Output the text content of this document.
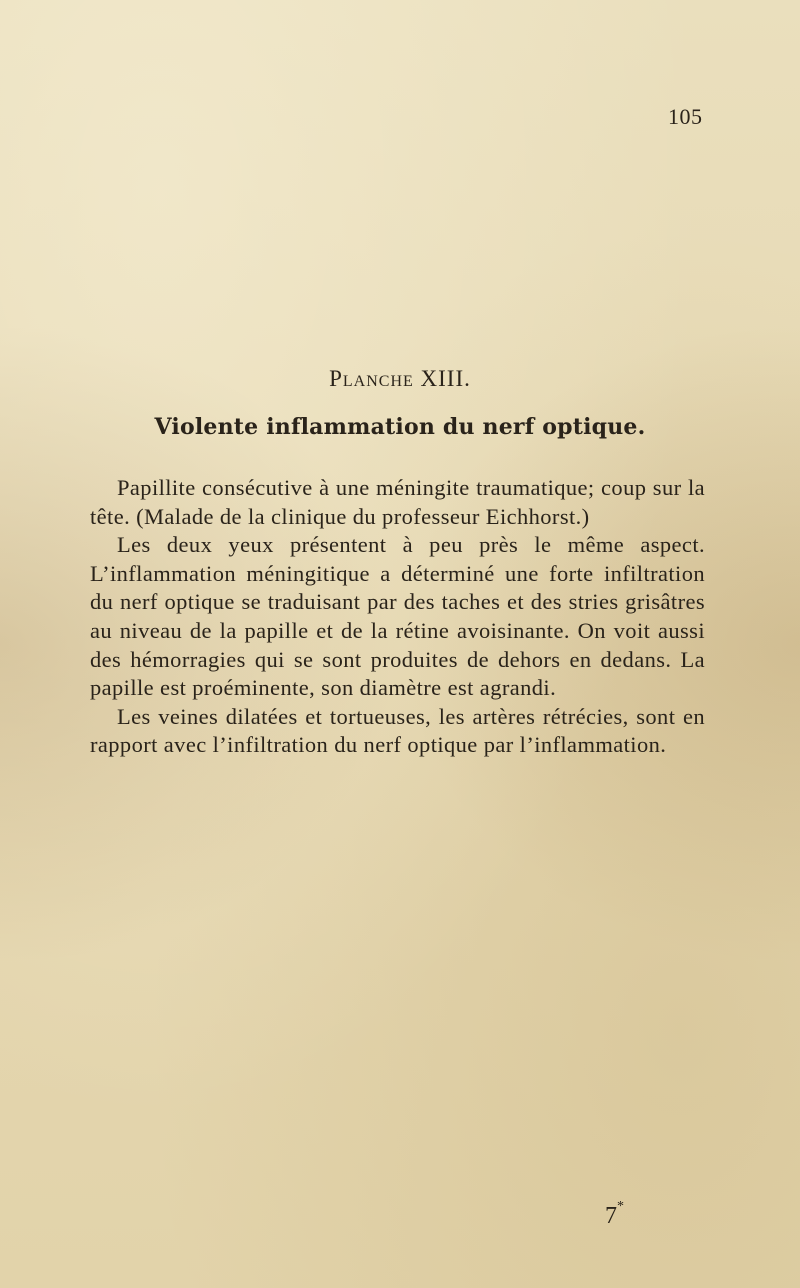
105
Planche XIII.
Violente inflammation du nerf optique.

Papillite consécutive à une méningite traumatique; coup sur la tête. (Malade de la clinique du professeur Eichhorst.)

Les deux yeux présentent à peu près le même aspect. L’inflammation méningitique a déterminé une forte infiltration du nerf optique se traduisant par des taches et des stries grisâtres au niveau de la papille et de la rétine avoisinante. On voit aussi des hémorragies qui se sont produites de dehors en dedans. La papille est proéminente, son diamètre est agrandi.

Les veines dilatées et tortueuses, les artères rétrécies, sont en rapport avec l’infiltration du nerf optique par l’inflammation.

7*
